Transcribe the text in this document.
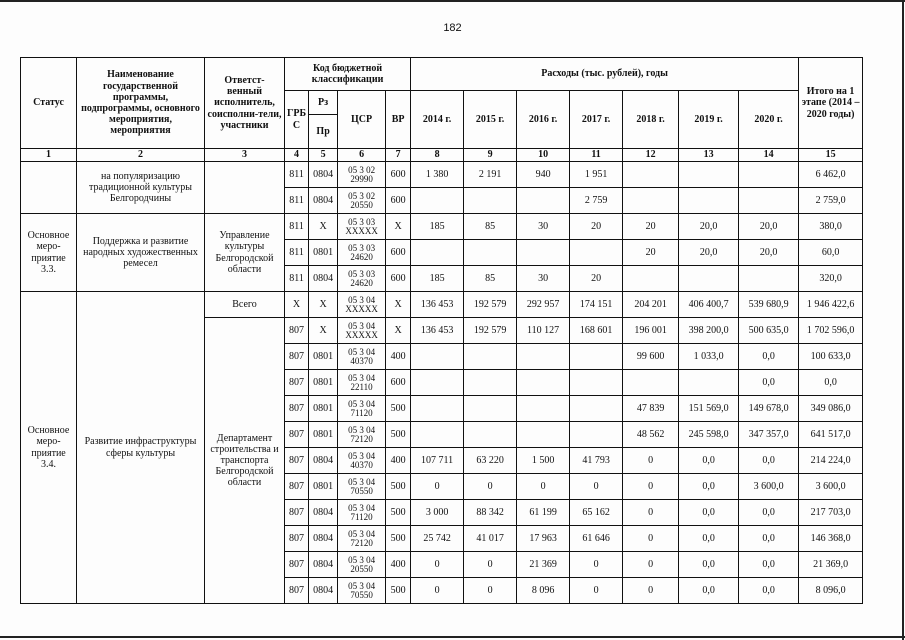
182
Статус	Наименование государственной программы, подпрограммы, основного мероприятия, мероприятия	Ответст-венный исполнитель, соисполни-тели, участники	Код бюджетной классификации				Расходы (тыс. рублей), годы							Итого на 1 этапе (2014 – 2020 годы)
			ГРБ С	Рз	ЦСР	ВР	2014 г.	2015 г.	2016 г.	2017 г.	2018 г.	2019 г.	2020 г.	
				Пр										
1	2	3	4	5	6	7	8	9	10	11	12	13	14	15
	на популяризацию традиционной культуры Белгородчины		811	0804	05 3 02 29990	600	1 380	2 191	940	1 951				6 462,0
			811	0804	05 3 02 20550	600				2 759				2 759,0
Основное меро-приятие 3.3.	Поддержка и развитие народных художественных ремесел	Управление культуры Белгородской области	811	X	05 3 03 XXXXX	X	185	85	30	20	20	20,0	20,0	380,0
			811	0801	05 3 03 24620	600					20	20,0	20,0	60,0
			811	0804	05 3 03 24620	600	185	85	30	20				320,0
Основное меро-приятие 3.4.	Развитие инфраструктуры сферы культуры	Всего	X	X	05 3 04 XXXXX	X	136 453	192 579	292 957	174 151	204 201	406 400,7	539 680,9	1 946 422,6
		Департамент строительства и транспорта Белгородской области	807	X	05 3 04 XXXXX	X	136 453	192 579	110 127	168 601	196 001	398 200,0	500 635,0	1 702 596,0
			807	0801	05 3 04 40370	400					99 600	1 033,0	0,0	100 633,0
			807	0801	05 3 04 22110	600							0,0	0,0
			807	0801	05 3 04 71120	500					47 839	151 569,0	149 678,0	349 086,0
			807	0801	05 3 04 72120	500					48 562	245 598,0	347 357,0	641 517,0
			807	0804	05 3 04 40370	400	107 711	63 220	1 500	41 793	0	0,0	0,0	214 224,0
			807	0801	05 3 04 70550	500	0	0	0	0	0	0,0	3 600,0	3 600,0
			807	0804	05 3 04 71120	500	3 000	88 342	61 199	65 162	0	0,0	0,0	217 703,0
			807	0804	05 3 04 72120	500	25 742	41 017	17 963	61 646	0	0,0	0,0	146 368,0
			807	0804	05 3 04 20550	400	0	0	21 369	0	0	0,0	0,0	21 369,0
			807	0804	05 3 04 70550	500	0	0	8 096	0	0	0,0	0,0	8 096,0
